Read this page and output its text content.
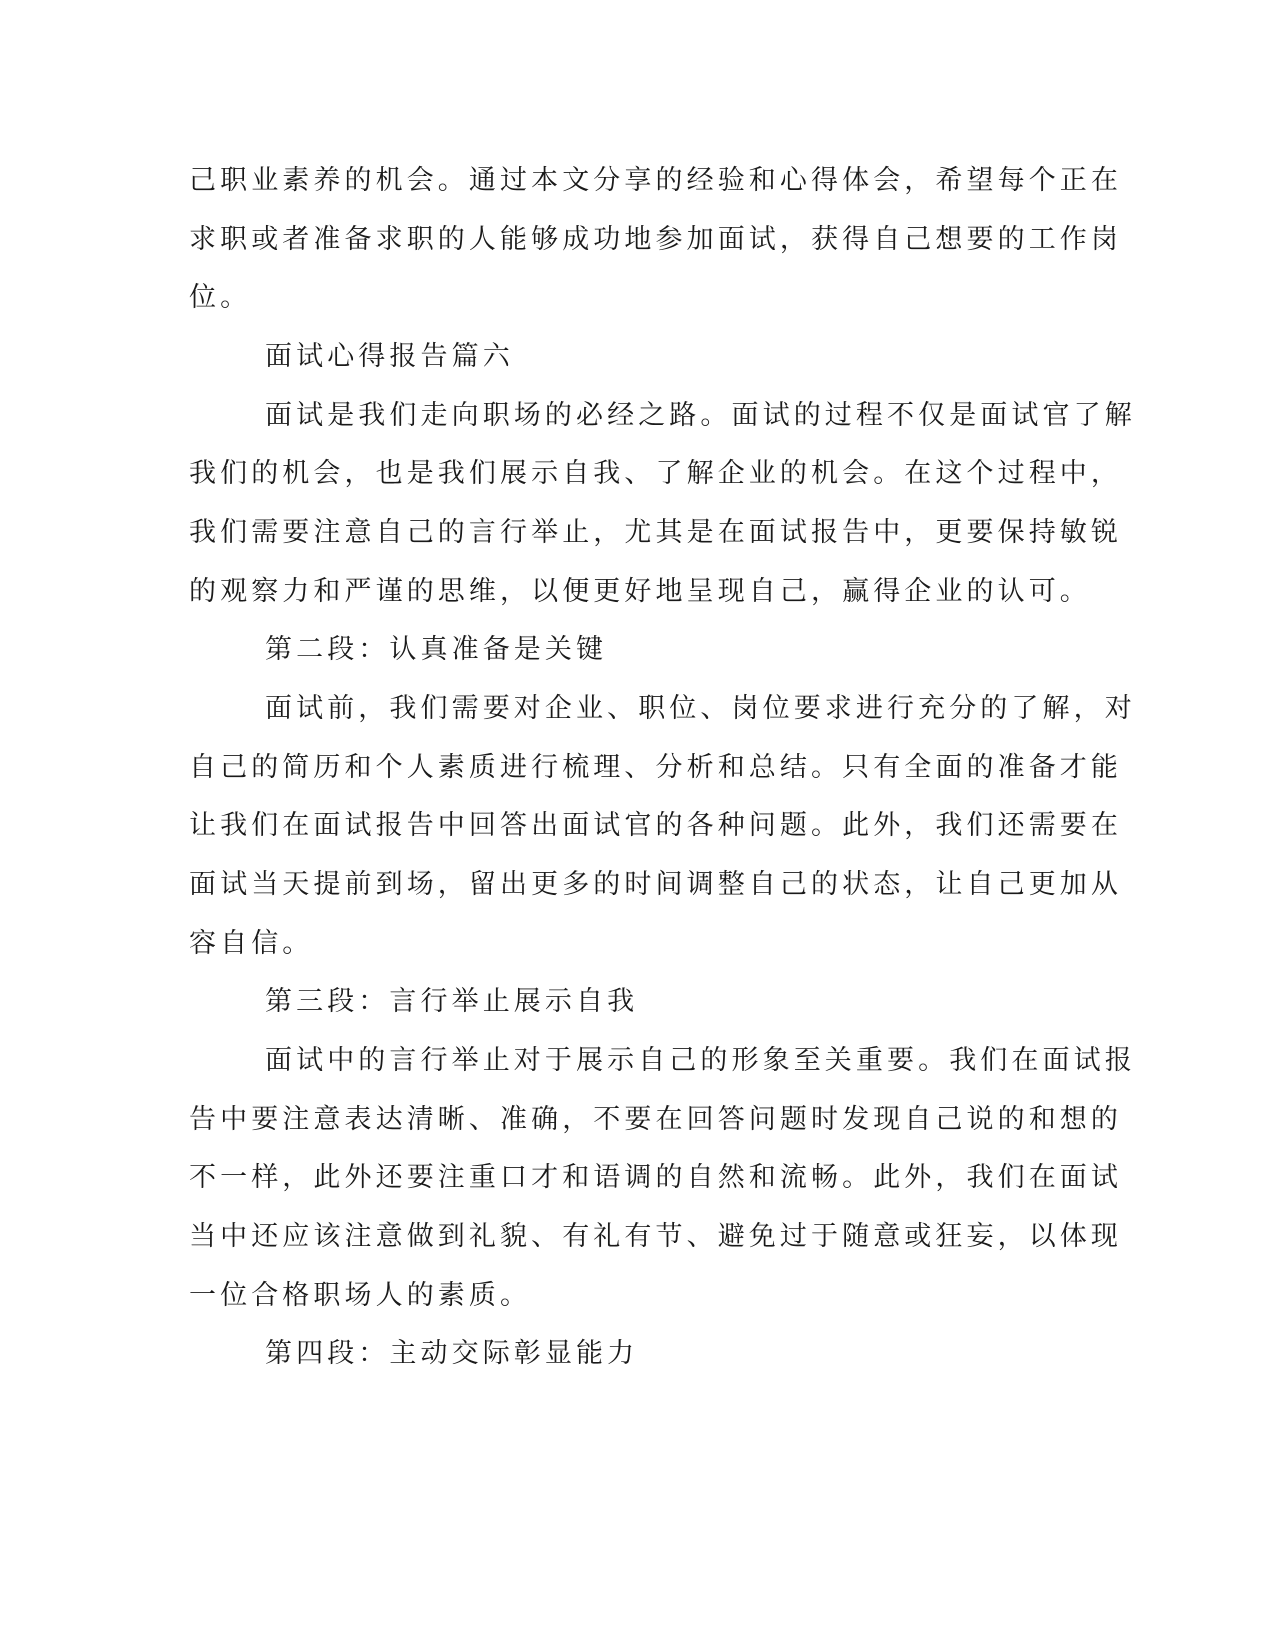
己职业素养的机会。通过本文分享的经验和心得体会，希望每个正在
求职或者准备求职的人能够成功地参加面试，获得自己想要的工作岗
位。
面试心得报告篇六
面试是我们走向职场的必经之路。面试的过程不仅是面试官了解
我们的机会，也是我们展示自我、了解企业的机会。在这个过程中，
我们需要注意自己的言行举止，尤其是在面试报告中，更要保持敏锐
的观察力和严谨的思维，以便更好地呈现自己，赢得企业的认可。
第二段：认真准备是关键
面试前，我们需要对企业、职位、岗位要求进行充分的了解，对
自己的简历和个人素质进行梳理、分析和总结。只有全面的准备才能
让我们在面试报告中回答出面试官的各种问题。此外，我们还需要在
面试当天提前到场，留出更多的时间调整自己的状态，让自己更加从
容自信。
第三段：言行举止展示自我
面试中的言行举止对于展示自己的形象至关重要。我们在面试报
告中要注意表达清晰、准确，不要在回答问题时发现自己说的和想的
不一样，此外还要注重口才和语调的自然和流畅。此外，我们在面试
当中还应该注意做到礼貌、有礼有节、避免过于随意或狂妄，以体现
一位合格职场人的素质。
第四段：主动交际彰显能力
